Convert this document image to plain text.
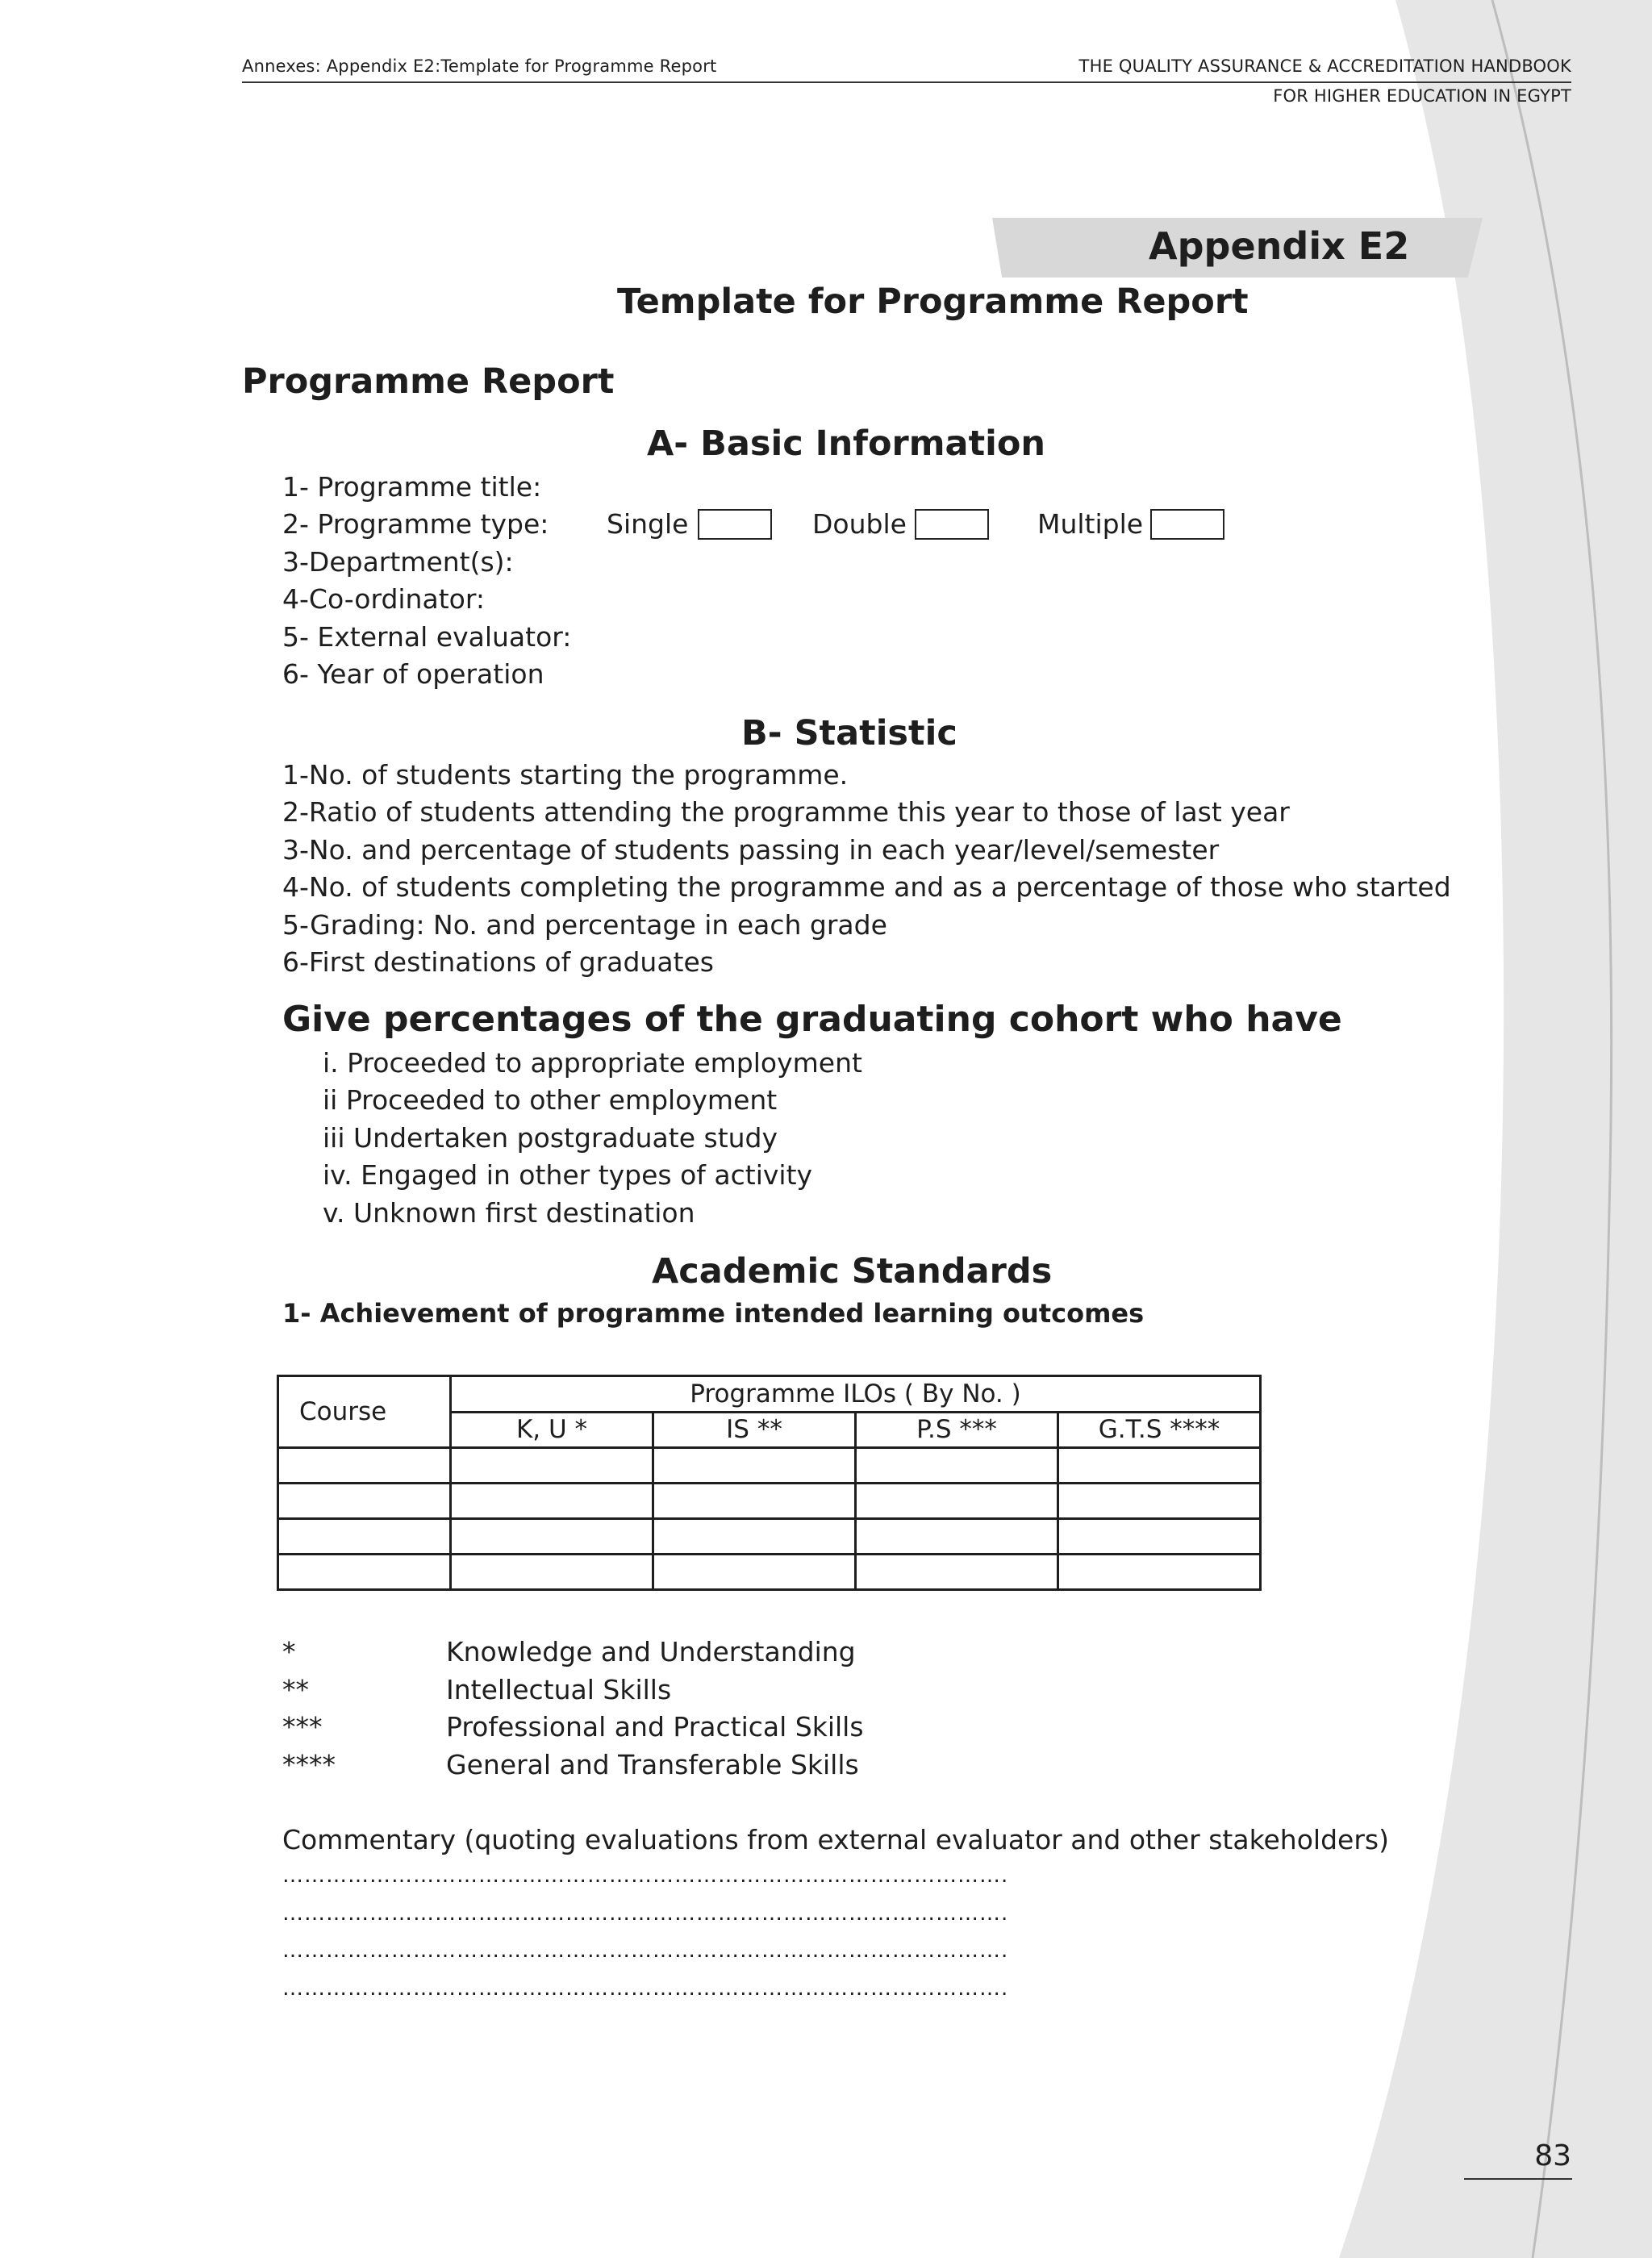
Annexes: Appendix E2:Template for Programme Report	THE QUALITY ASSURANCE & ACCREDITATION HANDBOOK
FOR HIGHER EDUCATION IN EGYPT
Appendix E2
Template for Programme Report
Programme Report
A- Basic Information
1- Programme title:
2- Programme type: Single	Double	Multiple
3-Department(s):
4-Co-ordinator:
5- External evaluator:
6- Year of operation
B- Statistic
1-No. of students starting the programme.
2-Ratio of students attending the programme this year to those of last year
3-No. and percentage of students passing in each year/level/semester
4-No. of students completing the programme and as a percentage of those who started
5-Grading: No. and percentage in each grade
6-First destinations of graduates
Give percentages of the graduating cohort who have
i. Proceeded to appropriate employment
ii Proceeded to other employment
iii Undertaken postgraduate study
iv. Engaged in other types of activity
v. Unknown first destination
Academic Standards
1- Achievement of programme intended learning outcomes
Course	Programme ILOs ( By No. )			
	K, U *	IS **	P.S ***	G.T.S ****

*	Knowledge and Understanding
**	Intellectual Skills
***	Professional and Practical Skills
****	General and Transferable Skills
Commentary (quoting evaluations from external evaluator and other stakeholders)
……………………………………………………………………………………….
……………………………………………………………………………………….
……………………………………………………………………………………….
……………………………………………………………………………………….
83
